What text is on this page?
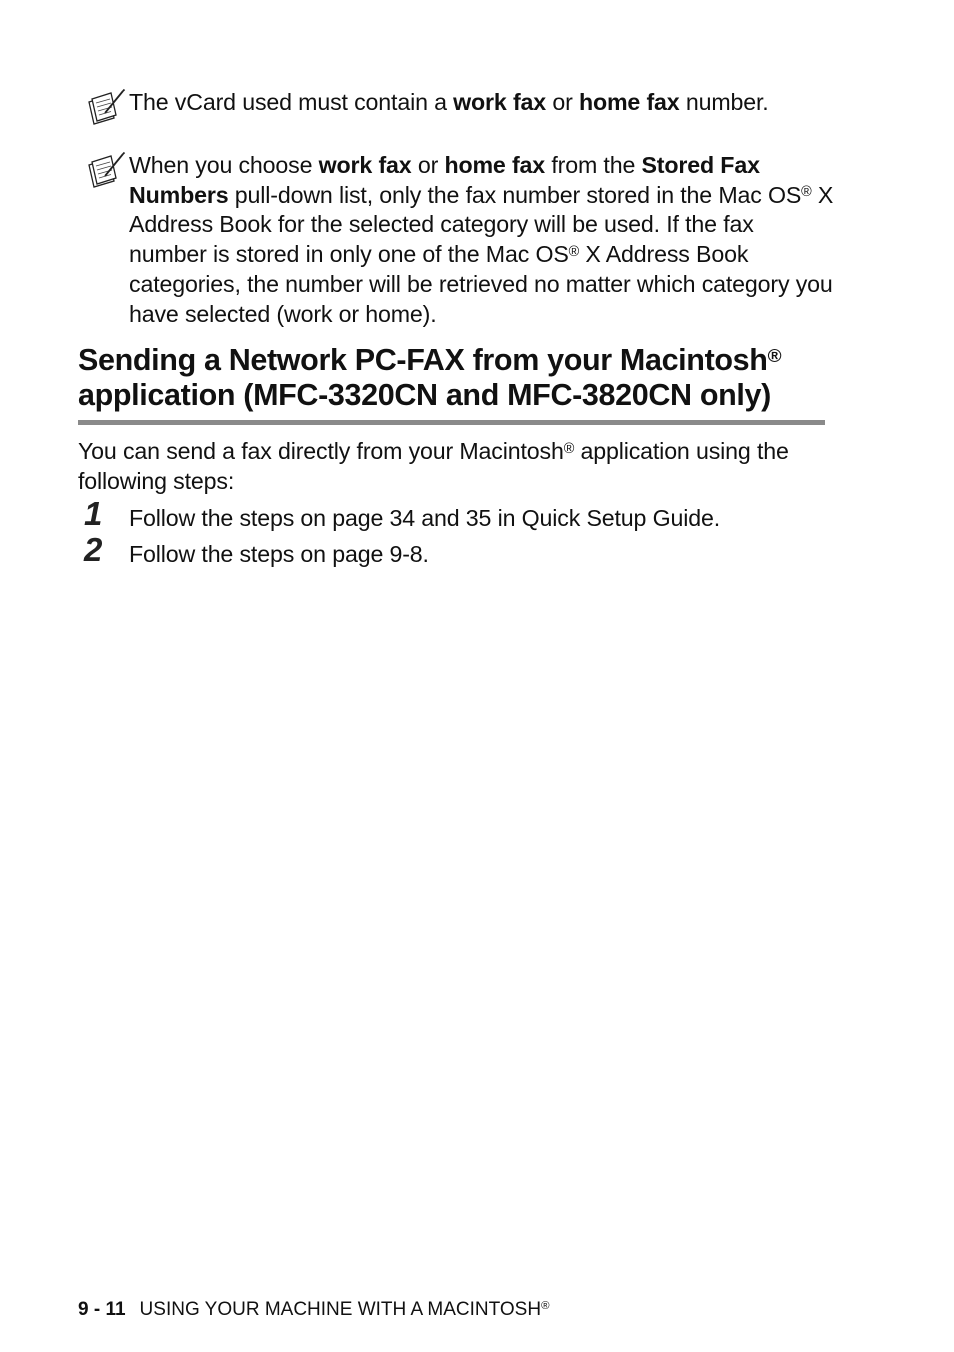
The vCard used must contain a work fax or home fax number.
When you choose work fax or home fax from the Stored Fax Numbers pull-down list, only the fax number stored in the Mac OS® X Address Book for the selected category will be used. If the fax number is stored in only one of the Mac OS® X Address Book categories, the number will be retrieved no matter which category you have selected (work or home).
Sending a Network PC-FAX from your Macintosh®
application (MFC-3320CN and MFC-3820CN only)
You can send a fax directly from your Macintosh® application using the following steps:
1 Follow the steps on page 34 and 35 in Quick Setup Guide.
2 Follow the steps on page 9-8.
9 - 11 USING YOUR MACHINE WITH A MACINTOSH®
